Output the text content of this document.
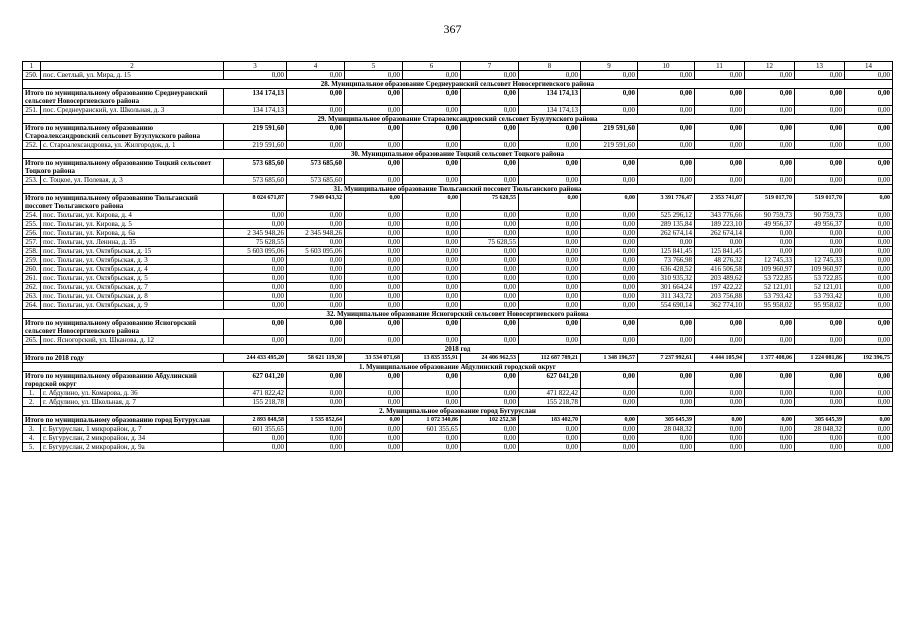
367
1	2	3	4	5	6	7	8	9	10	11	12	13	14
250.	пос. Светлый, ул. Мира, д. 15	0,00	0,00	0,00	0,00	0,00	0,00	0,00	0,00	0,00	0,00	0,00	0,00
28. Муниципальное образование Среднеуранский сельсовет Новосергиевского района													
Итого по муниципальному образованию Среднеуранский сельсовет Новосергиевского района		134 174,13	0,00	0,00	0,00	0,00	134 174,13	0,00	0,00	0,00	0,00	0,00	0,00
251.	пос. Среднеуранский, ул. Школьная, д. 3	134 174,13	0,00	0,00	0,00	0,00	134 174,13	0,00	0,00	0,00	0,00	0,00	0,00
29. Муниципальное образование Староалександровский сельсовет Бузулукского района													
Итого по муниципальному образованию Староалександровский сельсовет Бузулукского района		219 591,60	0,00	0,00	0,00	0,00	0,00	219 591,60	0,00	0,00	0,00	0,00	0,00
252.	с. Староалександровка, ул. Жилгородок, д. 1	219 591,60	0,00	0,00	0,00	0,00	0,00	219 591,60	0,00	0,00	0,00	0,00	0,00
30. Муниципальное образование Тоцкий сельсовет Тоцкого района													
Итого по муниципальному образованию Тоцкий сельсовет Тоцкого района		573 685,60	573 685,60	0,00	0,00	0,00	0,00	0,00	0,00	0,00	0,00	0,00	0,00
253.	с. Тоцкое, ул. Полевая, д. 3	573 685,60	573 685,60	0,00	0,00	0,00	0,00	0,00	0,00	0,00	0,00	0,00	0,00
31. Муниципальное образование Тюльганский поссовет Тюльганского района													
Итого по муниципальному образованию Тюльганский поссовет Тюльганского района		8 024 671,87	7 949 043,32	0,00	0,00	75 628,55	0,00	0,00	3 391 776,47	2 353 741,07	519 017,70	519 017,70	0,00
254.	пос. Тюльган, ул. Кирова, д. 4	0,00	0,00	0,00	0,00	0,00	0,00	0,00	525 296,12	343 776,66	90 759,73	90 759,73	0,00
255.	пос. Тюльган, ул. Кирова, д. 5	0,00	0,00	0,00	0,00	0,00	0,00	0,00	289 135,84	189 223,10	49 956,37	49 956,37	0,00
256.	пос. Тюльган, ул. Кирова, д. 6а	2 345 948,26	2 345 948,26	0,00	0,00	0,00	0,00	0,00	262 674,14	262 674,14	0,00	0,00	0,00
257.	пос. Тюльган, ул. Ленина, д. 35	75 628,55	0,00	0,00	0,00	75 628,55	0,00	0,00	0,00	0,00	0,00	0,00	0,00
258.	пос. Тюльган, ул. Октябрьская, д. 15	5 603 095,06	5 603 095,06	0,00	0,00	0,00	0,00	0,00	125 841,45	125 841,45	0,00	0,00	0,00
259.	пос. Тюльган, ул. Октябрьская, д. 3	0,00	0,00	0,00	0,00	0,00	0,00	0,00	73 766,98	48 276,32	12 745,33	12 745,33	0,00
260.	пос. Тюльган, ул. Октябрьская, д. 4	0,00	0,00	0,00	0,00	0,00	0,00	0,00	636 428,52	416 506,58	109 960,97	109 960,97	0,00
261.	пос. Тюльган, ул. Октябрьская, д. 5	0,00	0,00	0,00	0,00	0,00	0,00	0,00	310 935,32	203 489,62	53 722,85	53 722,85	0,00
262.	пос. Тюльган, ул. Октябрьская, д. 7	0,00	0,00	0,00	0,00	0,00	0,00	0,00	301 664,24	197 422,22	52 121,01	52 121,01	0,00
263.	пос. Тюльган, ул. Октябрьская, д. 8	0,00	0,00	0,00	0,00	0,00	0,00	0,00	311 343,72	203 756,88	53 793,42	53 793,42	0,00
264.	пос. Тюльган, ул. Октябрьская, д. 9	0,00	0,00	0,00	0,00	0,00	0,00	0,00	554 690,14	362 774,10	95 958,02	95 958,02	0,00
32. Муниципальное образование Ясногорский сельсовет Новосергиевского района													
Итого по муниципальному образованию Ясногорский сельсовет Новосергиевского района		0,00	0,00	0,00	0,00	0,00	0,00	0,00	0,00	0,00	0,00	0,00	0,00
265.	пос. Ясногорский, ул. Шканова, д. 12	0,00	0,00	0,00	0,00	0,00	0,00	0,00	0,00	0,00	0,00	0,00	0,00
2018 год													
Итого по 2018 году		244 433 495,20	58 621 119,30	33 534 071,68	13 835 355,91	24 406 962,53	112 687 789,21	1 348 196,57	7 237 992,61	4 444 105,94	1 377 408,06	1 224 081,86	192 396,75
1. Муниципальное образование Абдулинский городской округ													
Итого по муниципальному образованию Абдулинский городской округ		627 041,20	0,00	0,00	0,00	0,00	627 041,20	0,00	0,00	0,00	0,00	0,00	0,00
1.	г. Абдулино, ул. Комарова, д. 36	471 822,42	0,00	0,00	0,00	0,00	471 822,42	0,00	0,00	0,00	0,00	0,00	0,00
2.	г. Абдулино, ул. Школьная, д. 7	155 218,78	0,00	0,00	0,00	0,00	155 218,78	0,00	0,00	0,00	0,00	0,00	0,00
2. Муниципальное образование город Бугуруслан													
Итого по муниципальному образованию город Бугуруслан		2 893 848,58	1 535 852,64	0,00	1 072 340,86	102 252,38	183 402,70	0,00	305 645,39	0,00	0,00	305 645,39	0,00
3.	г. Бугуруслан, 1 микрорайон, д. 7	601 355,65	0,00	0,00	601 355,65	0,00	0,00	0,00	28 048,32	0,00	0,00	28 048,32	0,00
4.	г. Бугуруслан, 2 микрорайон, д. 34	0,00	0,00	0,00	0,00	0,00	0,00	0,00	0,00	0,00	0,00	0,00	0,00
5.	г. Бугуруслан, 2 микрорайон, д. 9а	0,00	0,00	0,00	0,00	0,00	0,00	0,00	0,00	0,00	0,00	0,00	0,00
